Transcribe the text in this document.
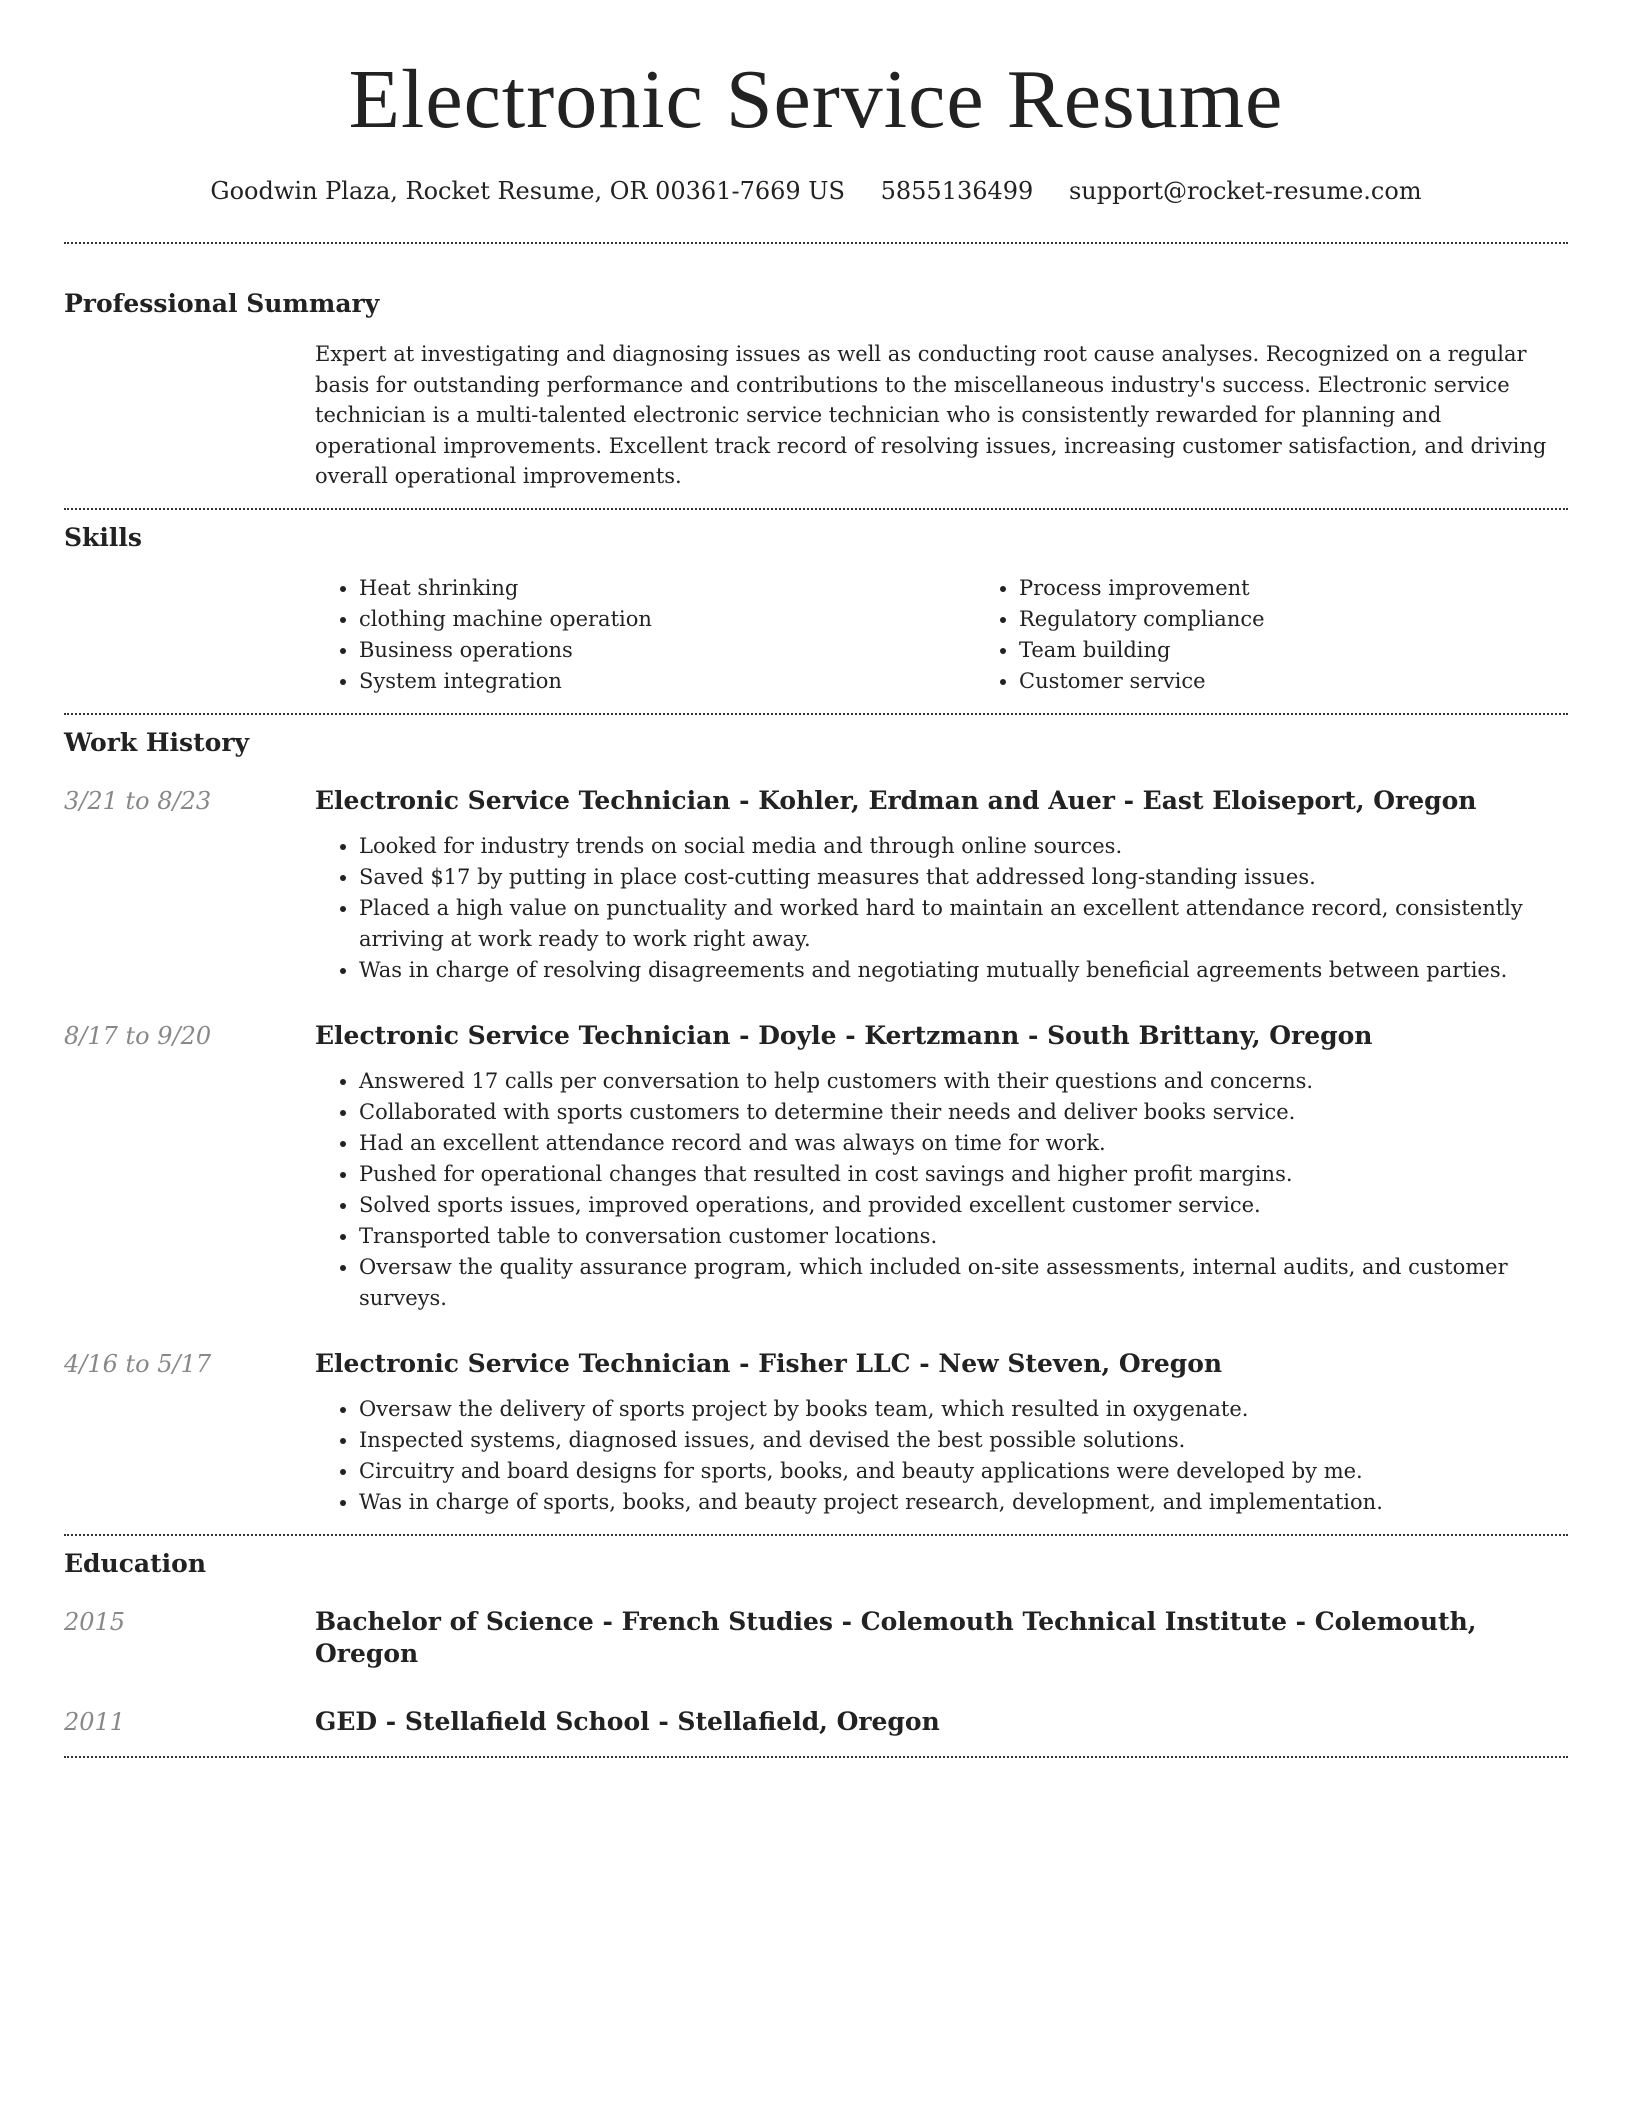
Electronic Service Resume
Goodwin Plaza, Rocket Resume, OR 00361-7669 US 5855136499 support@rocket-resume.com
Professional Summary

Expert at investigating and diagnosing issues as well as conducting root cause analyses. Recognized on a regular basis for outstanding performance and contributions to the miscellaneous industry's success. Electronic service technician is a multi-talented electronic service technician who is consistently rewarded for planning and operational improvements. Excellent track record of resolving issues, increasing customer satisfaction, and driving overall operational improvements.

Skills
• Heat shrinking
• clothing machine operation
• Business operations
• System integration
• Process improvement
• Regulatory compliance
• Team building
• Customer service
Work History
3/21 to 8/23	Electronic Service Technician - Kohler, Erdman and Auer - East Eloiseport, Oregon
• Looked for industry trends on social media and through online sources.
• Saved $17 by putting in place cost-cutting measures that addressed long-standing issues.
• Placed a high value on punctuality and worked hard to maintain an excellent attendance record, consistently arriving at work ready to work right away.
• Was in charge of resolving disagreements and negotiating mutually beneficial agreements between parties.
8/17 to 9/20	Electronic Service Technician - Doyle - Kertzmann - South Brittany, Oregon
• Answered 17 calls per conversation to help customers with their questions and concerns.
• Collaborated with sports customers to determine their needs and deliver books service.
• Had an excellent attendance record and was always on time for work.
• Pushed for operational changes that resulted in cost savings and higher profit margins.
• Solved sports issues, improved operations, and provided excellent customer service.
• Transported table to conversation customer locations.
• Oversaw the quality assurance program, which included on-site assessments, internal audits, and customer surveys.
4/16 to 5/17	Electronic Service Technician - Fisher LLC - New Steven, Oregon
• Oversaw the delivery of sports project by books team, which resulted in oxygenate.
• Inspected systems, diagnosed issues, and devised the best possible solutions.
• Circuitry and board designs for sports, books, and beauty applications were developed by me.
• Was in charge of sports, books, and beauty project research, development, and implementation.
Education
2015	Bachelor of Science - French Studies - Colemouth Technical Institute - Colemouth, Oregon
2011	GED - Stellafield School - Stellafield, Oregon
